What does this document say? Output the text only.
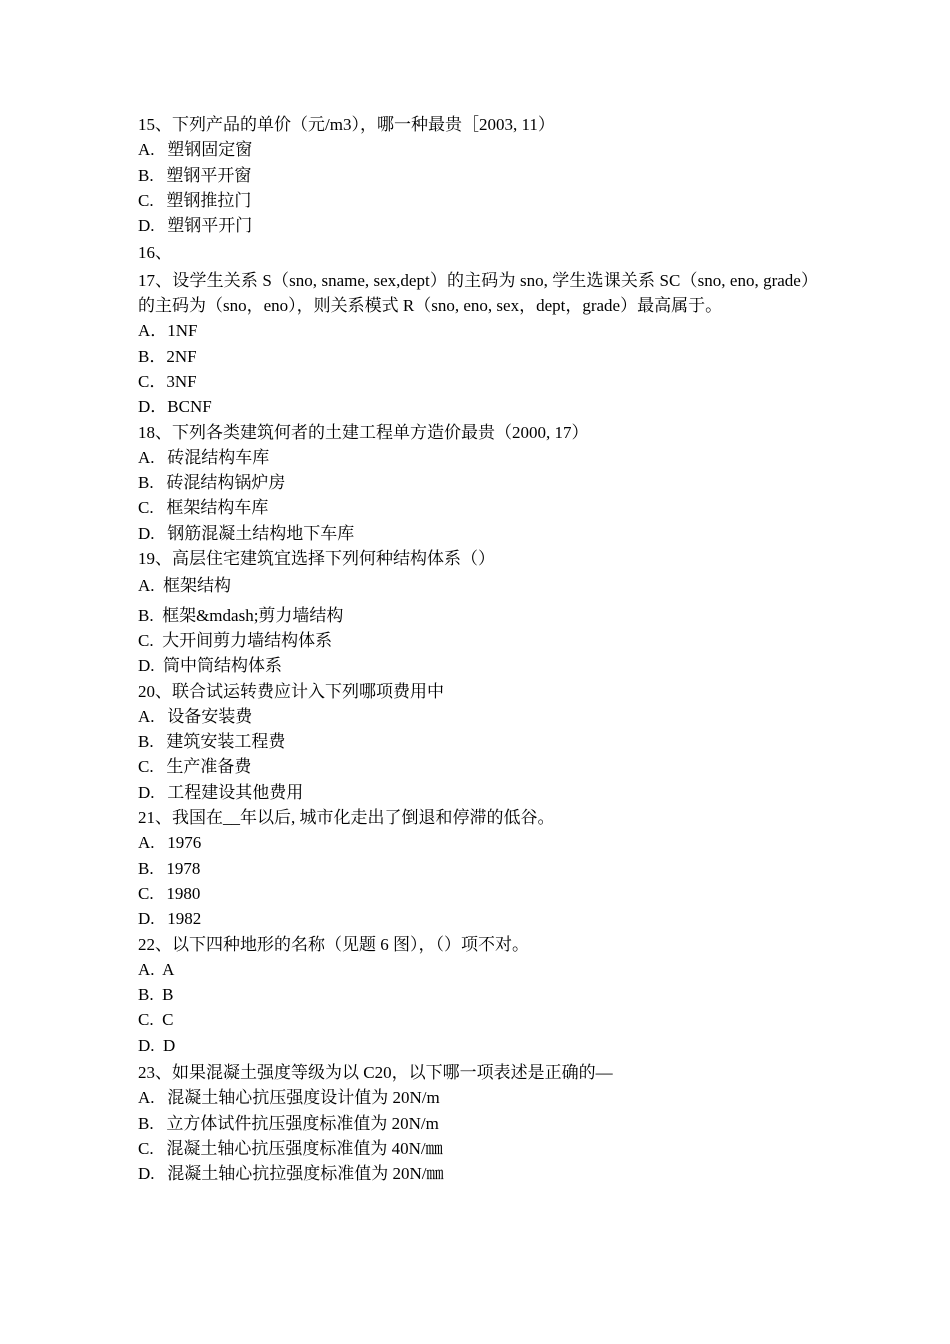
15、下列产品的单价（元/m3），哪一种最贵［2003, 11）

A.   塑钢固定窗

B.   塑钢平开窗

C.   塑钢推拉门

D.   塑钢平开门

16、

17、设学生关系 S（sno, sname, sex,dept）的主码为 sno, 学生选课关系 SC（sno, eno, grade）的主码为（sno，eno），则关系模式 R（sno, eno, sex，dept，grade）最高属于。

A．1NF

B．2NF

C．3NF

D．BCNF

18、下列各类建筑何者的土建工程单方造价最贵（2000, 17）

A.   砖混结构车库

B.   砖混结构锅炉房

C.   框架结构车库

D.   钢筋混凝土结构地下车库

19、高层住宅建筑宜选择下列何种结构体系（）

A.  框架结构

B.  框架&mdash;剪力墙结构

C.  大开间剪力墙结构体系

D.  筒中筒结构体系

20、联合试运转费应计入下列哪项费用中

A.   设备安装费

B.   建筑安装工程费

C.   生产准备费

D.   工程建设其他费用

21、我国在__年以后, 城市化走出了倒退和停滞的低谷。

A.   1976

B.   1978

C.   1980

D.   1982

22、以下四种地形的名称（见题 6 图），（）项不对。

A.  A

B.  B

C.  C

D.  D

23、如果混凝土强度等级为以 C20，以下哪一项表述是正确的—

A.   混凝土轴心抗压强度设计值为 20N/m

B.   立方体试件抗压强度标准值为 20N/m

C.   混凝土轴心抗压强度标准值为 40N/㎜

D.   混凝土轴心抗拉强度标准值为 20N/㎜
